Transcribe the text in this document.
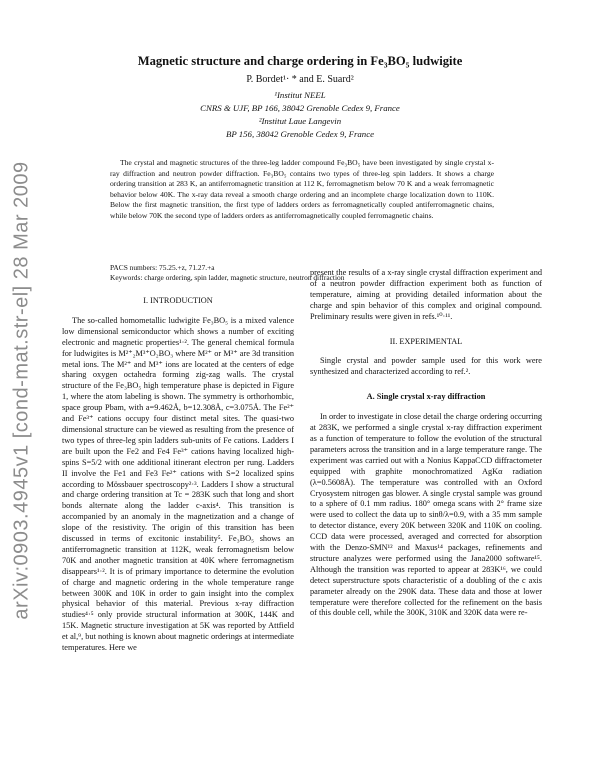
arXiv:0903.4945v1 [cond-mat.str-el] 28 Mar 2009
Magnetic structure and charge ordering in Fe₃BO₅ ludwigite
P. Bordet¹· * and E. Suard²
¹Institut NEEL
CNRS & UJF, BP 166, 38042 Grenoble Cedex 9, France
²Institut Laue Langevin
BP 156, 38042 Grenoble Cedex 9, France
The crystal and magnetic structures of the three-leg ladder compound Fe₃BO₅ have been investigated by single crystal x-ray diffraction and neutron powder diffraction. Fe₃BO₅ contains two types of three-leg spin ladders. It shows a charge ordering transition at 283 K, an antiferromagnetic transition at 112 K, ferromagnetism below 70 K and a weak ferromagnetic behavior below 40K. The x-ray data reveal a smooth charge ordering and an incomplete charge localization down to 110K. Below the first magnetic transition, the first type of ladders orders as ferromagnetically coupled antiferromagnetic chains, while below 70K the second type of ladders orders as antiferromagnetically coupled ferromagnetic chains.
PACS numbers: 75.25.+z, 71.27.+a
Keywords: charge ordering, spin ladder, magnetic structure, neutron diffraction

I. INTRODUCTION

The so-called homometallic ludwigite Fe₃BO₅ is a mixed valence low dimensional semiconductor which shows a number of exciting electronic and magnetic properties¹·². The general chemical formula for ludwigites is M²⁺₂M³⁺O₂BO₃ where M²⁺ or M³⁺ are 3d transition metal ions. The M²⁺ and M³⁺ ions are located at the centers of edge sharing oxygen octahedra forming zig-zag walls. The crystal structure of the Fe₃BO₅ high temperature phase is depicted in Figure 1, where the atom labeling is shown. The symmetry is orthorhombic, space group Pbam, with a=9.462Å, b=12.308Å, c=3.075Å. The Fe²⁺ and Fe³⁺ cations occupy four distinct metal sites. The quasi-two dimensional structure can be viewed as resulting from the presence of two types of three-leg spin ladders sub-units of Fe cations. Ladders I are built upon the Fe2 and Fe4 Fe³⁺ cations having localized high-spins S=5/2 with one additional itinerant electron per rung. Ladders II involve the Fe1 and Fe3 Fe²⁺ cations with S=2 localized spins according to Mössbauer spectroscopy²·³. Ladders I show a structural and charge ordering transition at Tc = 283K such that long and short bonds alternate along the ladder c-axis⁴. This transition is accompanied by an anomaly in the magnetization and a change of slope of the resistivity. The origin of this transition has been discussed in terms of excitonic instability⁵. Fe₃BO₅ shows an antiferromagnetic transition at 112K, weak ferromagnetism below 70K and another magnetic transition at 40K where ferromagnetism disappears¹·². It is of primary importance to determine the evolution of charge and magnetic ordering in the whole temperature range between 300K and 10K in order to gain insight into the complex physical behavior of this material. Previous x-ray diffraction studies⁴·⁵ only provide structural information at 300K, 144K and 15K. Magnetic structure investigation at 5K was reported by Attfield et al,⁹, but nothing is known about magnetic orderings at intermediate temperatures. Here we

present the results of a x-ray single crystal diffraction experiment and of a neutron powder diffraction experiment both as function of temperature, aiming at providing detailed information about the charge and spin behavior of this complex and original compound. Preliminary results were given in refs.¹⁰·¹¹.

II. EXPERIMENTAL

Single crystal and powder sample used for this work were synthesized and characterized according to ref.².

A. Single crystal x-ray diffraction

In order to investigate in close detail the charge ordering occurring at 283K, we performed a single crystal x-ray diffraction experiment as a function of temperature to follow the evolution of the structural parameters across the transition and in a large temperature range. The experiment was carried out with a Nonius KappaCCD diffractometer equipped with graphite monochromatized AgKα radiation (λ=0.5608Å). The temperature was controlled with an Oxford Cryosystem nitrogen gas blower. A single crystal sample was ground to a sphere of 0.1 mm radius. 180° omega scans with 2° frame size were used to collect the data up to sinθ/λ=0.9, with a 35 mm sample to detector distance, every 20K between 320K and 110K on cooling. CCD data were processed, averaged and corrected for absorption with the Denzo-SMN¹² and Maxus¹⁴ packages, refinements and structure analyzes were performed using the Jana2000 software¹⁵. Although the transition was reported to appear at 283K¹⁶, we could detect superstructure spots characteristic of a doubling of the c axis parameter already on the 290K data. These data and those at lower temperature were therefore collected for the refinement on the basis of this double cell, while the 300K, 310K and 320K data were re-
